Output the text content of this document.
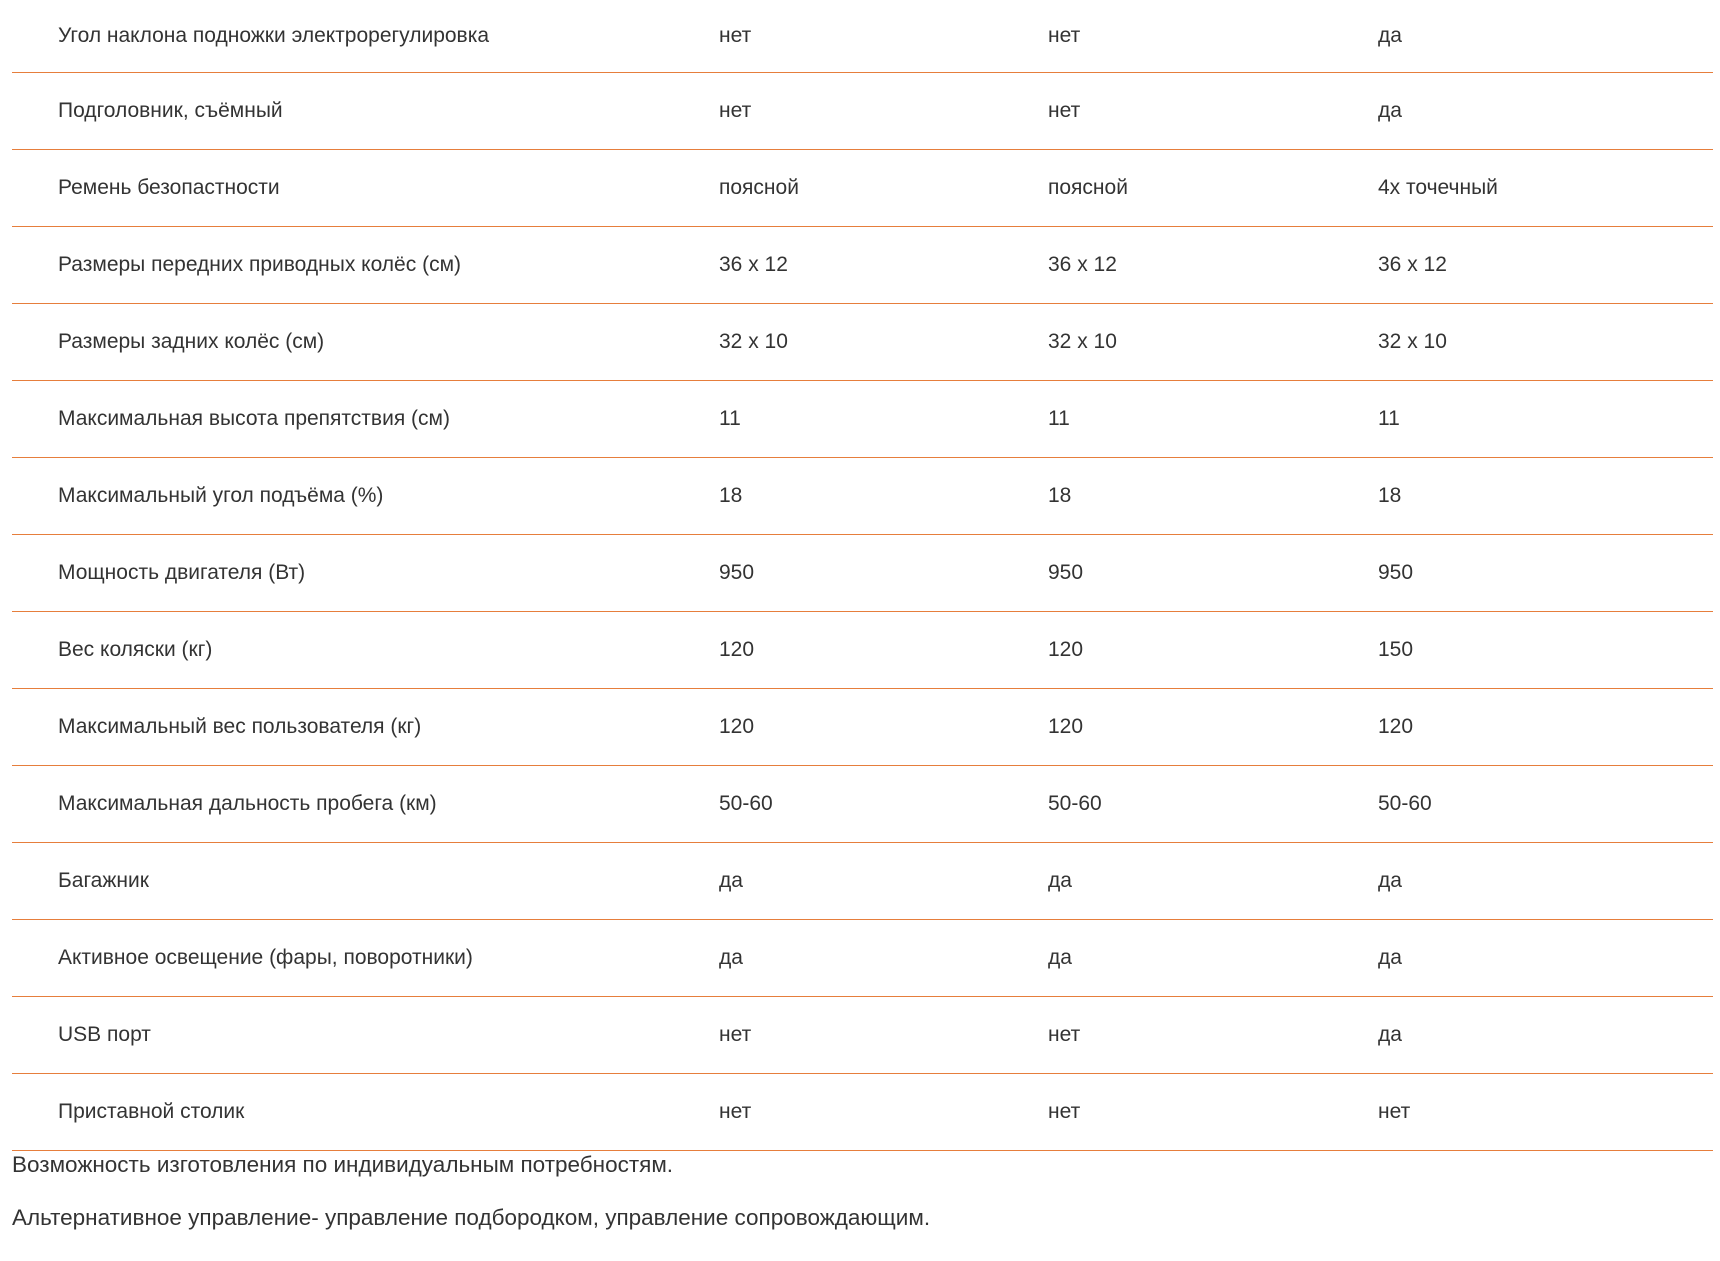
Угол наклона подножки электрорегулировка	нет	нет	да
Подголовник, съёмный	нет	нет	да
Ремень безопастности	поясной	поясной	4х точечный
Размеры передних приводных колёс (см)	36 х 12	36 х 12	36 х 12
Размеры задних колёс (см)	32 х 10	32 х 10	32 х 10
Максимальная высота препятствия (см)	11	11	11
Максимальный угол подъёма (%)	18	18	18
Мощность двигателя (Вт)	950	950	950
Вес коляски (кг)	120	120	150
Максимальный вес пользователя (кг)	120	120	120
Максимальная дальность пробега (км)	50-60	50-60	50-60
Багажник	да	да	да
Активное освещение (фары, поворотники)	да	да	да
USB порт	нет	нет	да
Приставной столик	нет	нет	нет

Возможность изготовления по индивидуальным потребностям.

Альтернативное управление- управление подбородком, управление сопровождающим.
